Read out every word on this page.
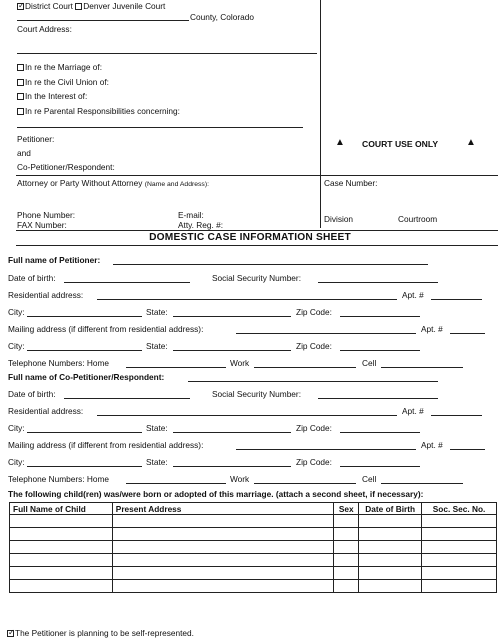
✓District Court Denver Juvenile Court
County, Colorado
Court Address:
In re the Marriage of:
In re the Civil Union of:
In the Interest of:
In re Parental Responsibilities concerning:
Petitioner:
and
Co-Petitioner/Respondent:
▲ COURT USE ONLY	▲
Attorney or Party Without Attorney (Name and Address):
Phone Number:
FAX Number:
E-mail:
Atty. Reg. #:
Case Number:
Division	Courtroom
DOMESTIC CASE INFORMATION SHEET
Full name of Petitioner:
Date of birth:	Social Security Number:
Residential address:	Apt. #
City:	State:	Zip Code:
Mailing address (if different from residential address):	Apt. #
City:	State:	Zip Code:
Telephone Numbers: Home	Work	Cell
Full name of Co-Petitioner/Respondent:
Date of birth:	Social Security Number:
Residential address:	Apt. #
City:	State:	Zip Code:
Mailing address (if different from residential address):	Apt. #
City:	State:	Zip Code:
Telephone Numbers: Home	Work	Cell
The following child(ren) was/were born or adopted of this marriage. (attach a second sheet, if necessary):
Full Name of Child	Present Address	Sex	Date of Birth	Soc. Sec. No.

✓The Petitioner is planning to be self-represented.
